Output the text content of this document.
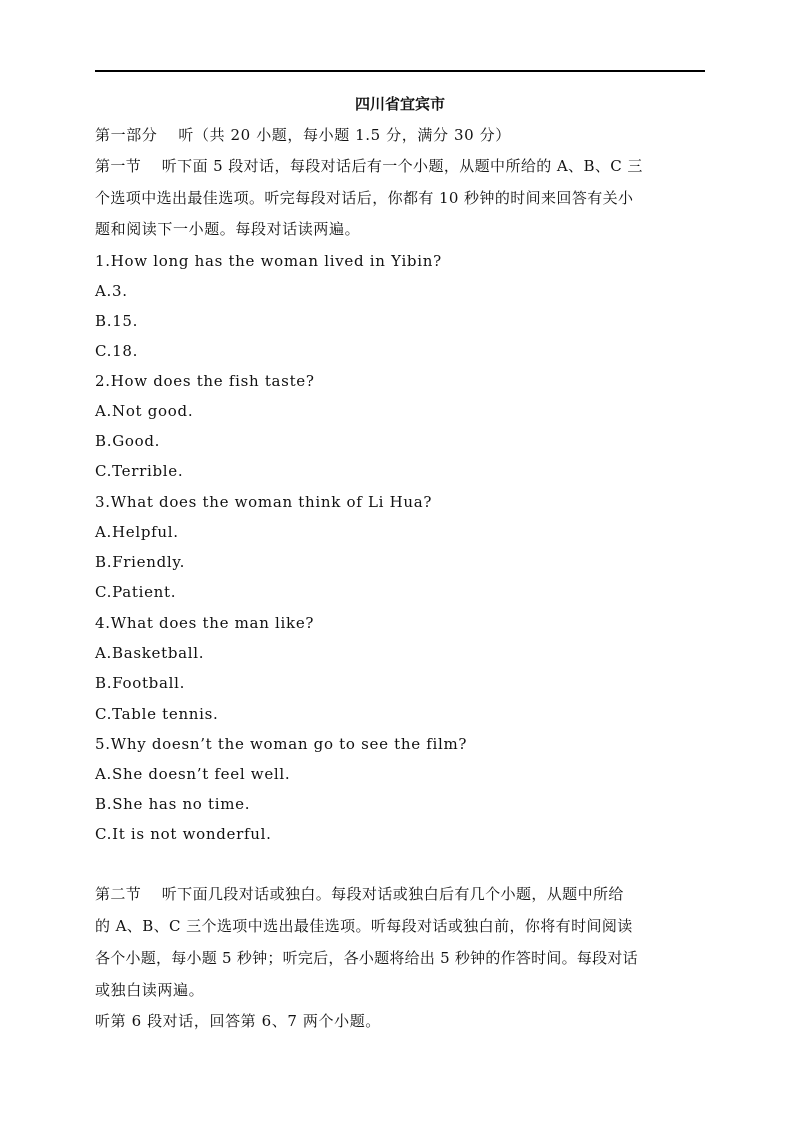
四川省宜宾市
第一部分　 听（共 20 小题，每小题 1.5 分，满分 30 分）
第一节　 听下面 5 段对话，每段对话后有一个小题，从题中所给的 A、B、C 三
个选项中选出最佳选项。听完每段对话后，你都有 10 秒钟的时间来回答有关小
题和阅读下一小题。每段对话读两遍。
1.How long has the woman lived in Yibin?
A.3.
B.15.
C.18.
2.How does the fish taste?
A.Not good.
B.Good.
C.Terrible.
3.What does the woman think of Li Hua?
A.Helpful.
B.Friendly.
C.Patient.
4.What does the man like?
A.Basketball.
B.Football.
C.Table tennis.
5.Why doesn’t the woman go to see the film?
A.She doesn’t feel well.
B.She has no time.
C.It is not wonderful.
第二节　 听下面几段对话或独白。每段对话或独白后有几个小题，从题中所给
的 A、B、C 三个选项中选出最佳选项。听每段对话或独白前，你将有时间阅读
各个小题，每小题 5 秒钟；听完后，各小题将给出 5 秒钟的作答时间。每段对话
或独白读两遍。
听第 6 段对话，回答第 6、7 两个小题。
